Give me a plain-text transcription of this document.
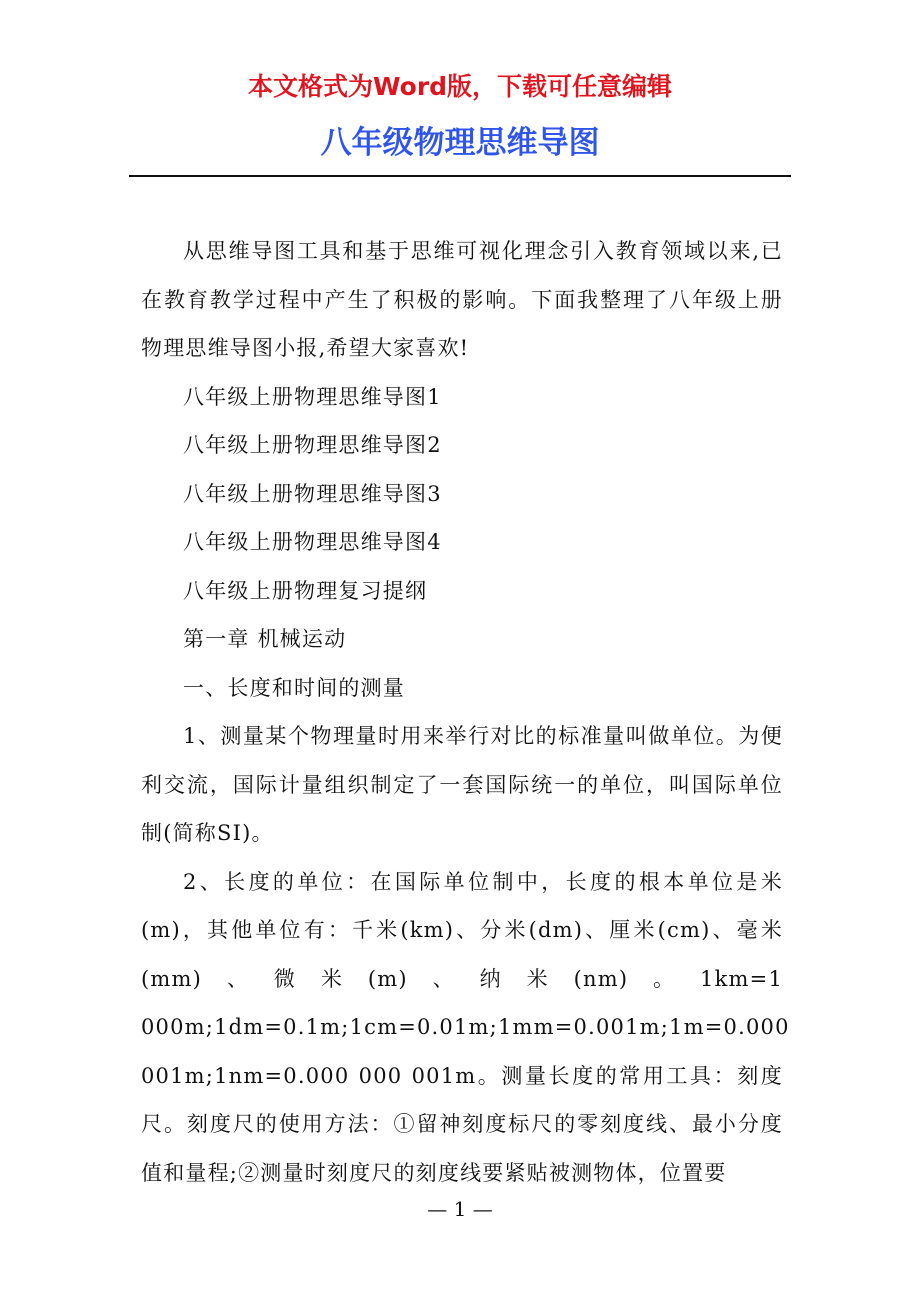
本文格式为Word版，下载可任意编辑
八年级物理思维导图

从思维导图工具和基于思维可视化理念引入教育领域以来,已在教育教学过程中产生了积极的影响。下面我整理了八年级上册物理思维导图小报,希望大家喜欢!

八年级上册物理思维导图1

八年级上册物理思维导图2

八年级上册物理思维导图3

八年级上册物理思维导图4

八年级上册物理复习提纲

第一章 机械运动

一、长度和时间的测量

1、测量某个物理量时用来举行对比的标准量叫做单位。为便利交流，国际计量组织制定了一套国际统一的单位，叫国际单位制(简称SI)。

2、长度的单位：在国际单位制中，长度的根本单位是米(m)，其他单位有：千米(km)、分米(dm)、厘米(cm)、毫米(mm)、微米(m)、纳米(nm)。1km=1 000m;1dm=0.1m;1cm=0.01m;1mm=0.001m;1m=0.000 001m;1nm=0.000 000 001m。测量长度的常用工具：刻度尺。刻度尺的使用方法：①留神刻度标尺的零刻度线、最小分度值和量程;②测量时刻度尺的刻度线要紧贴被测物体，位置要

— 1 —
